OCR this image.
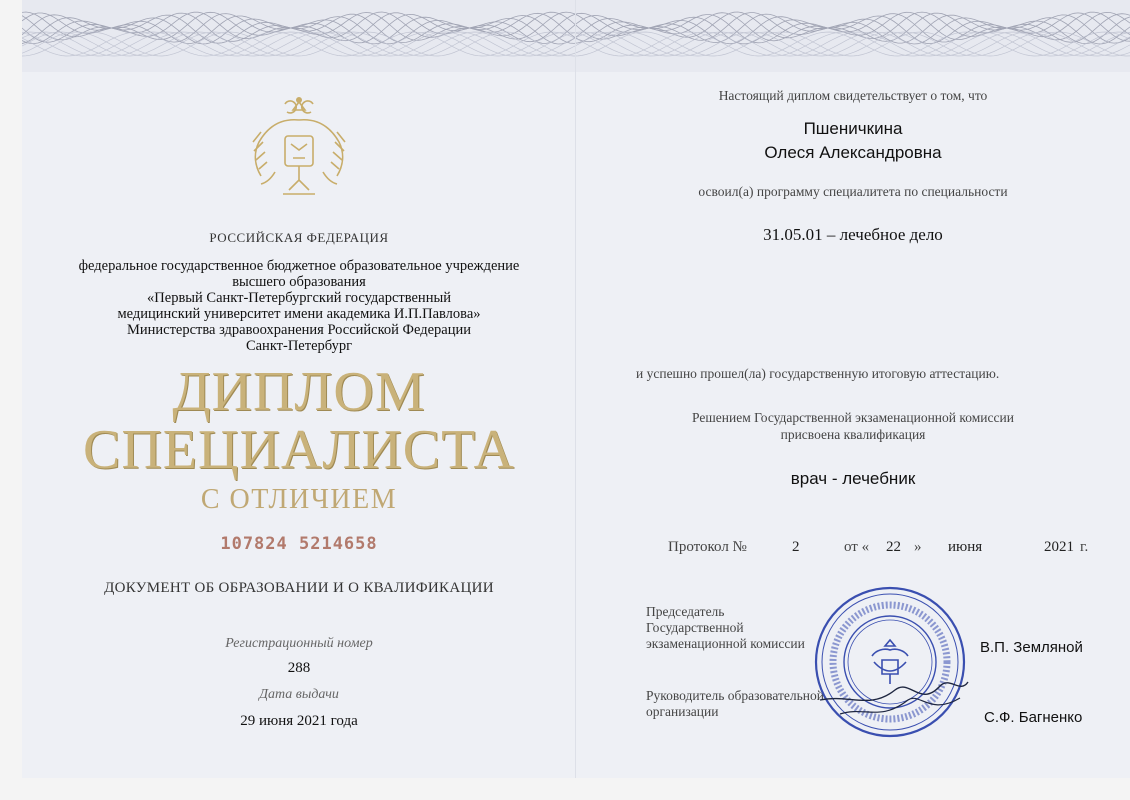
РОССИЙСКАЯ ФЕДЕРАЦИЯ
федеральное государственное бюджетное образовательное учреждение
высшего образования
«Первый Санкт-Петербургский государственный
медицинский университет имени академика И.П.Павлова»
Министерства здравоохранения Российской Федерации
Санкт-Петербург
ДИПЛОМ
СПЕЦИАЛИСТА
С ОТЛИЧИЕМ
107824 5214658
ДОКУМЕНТ ОБ ОБРАЗОВАНИИ И О КВАЛИФИКАЦИИ
Регистрационный номер
288
Дата выдачи
29 июня 2021 года
Настоящий диплом свидетельствует о том, что
Пшеничкина
Олеся Александровна
освоил(а) программу специалитета по специальности
31.05.01 – лечебное дело
и успешно прошел(ла) государственную итоговую аттестацию.
Решением Государственной экзаменационной комиссии
присвоена квалификация
врач - лечебник
Протокол №	2	от « 22 » июня	2021 г.
Председатель
Государственной
экзаменационной комиссии	В.П. Земляной
Руководитель образовательной
организации	С.Ф. Багненко
